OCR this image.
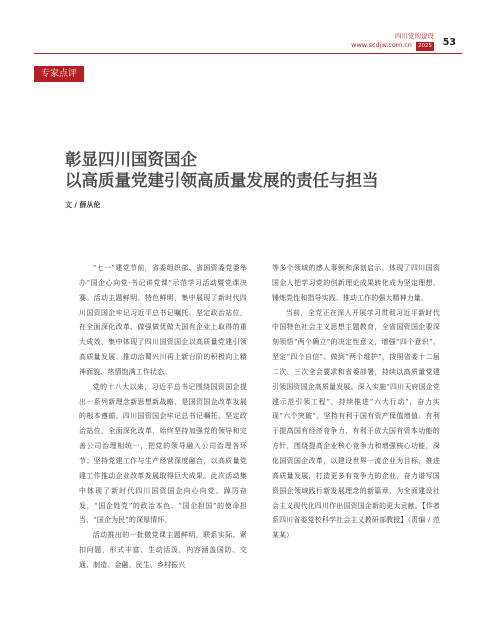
四川党的建设
www.scdjw.com.cn 2025 53
专家点评
彰显四川国资国企
以高质量党建引领高质量发展的责任与担当
文 / 薛从伦

“七一”建党节前，省委组织部、省国资委党委举办“国企心向党·书记讲党课”示范学习活动暨党课决赛。活动主题鲜明、特色鲜明，集中展现了新时代四川国资国企牢记习近平总书记嘱托、坚定政治站位，在全面深化改革、做强做优做大国有企业上取得的重大成效，集中体现了四川国资国企以高质量党建引领高质量发展、推动治蜀兴川再上新台阶的积极向上精神面貌、热情饱满工作状态。

党的十八大以来，习近平总书记围绕国资国企提出一系列新理念新思想新战略，是国资国企改革发展的根本遵循。四川国资国企牢记总书记嘱托，坚定政治站位，全面深化改革，始终坚持加强党的领导和完善公司治理相统一，把党的领导融入公司治理各环节；坚持党建工作与生产经营深度融合，以高质量党建工作推动企业改革发展取得巨大成果。此次活动集中体现了新时代四川国资国企向心向党、踔厉奋发，“国企姓党”的政治本色、“国企担国”的使命担当、“国企为民”的深厚情怀。

活动推出的一批微党课主题鲜明，联系实际、紧扣问题，形式丰富、生动活泼，内容涵盖国防、交通、制造、金融、民生、乡村振兴

等多个领域的感人事例和深刻启示，体现了四川国资国企人把学习党的创新理论成果转化成为坚定理想、锤炼党性和指导实践、推动工作的强大精神力量。

当前，全党正在深入开展学习贯彻习近平新时代中国特色社会主义思想主题教育，全省国资国企要深刻领悟“两个确立”的决定性意义，增强“四个意识”、坚定“四个自信”、做到“两个维护”，按照省委十二届二次、三次全会要求和省委部署，持续以高质量党建引领国资国企高质量发展。深入实施“四川天府国企党建示范引领工程”，持续推进“六大行动”，奋力实现“六个突破”。坚持有利于国有资产保值增值、有利于提高国有经济竞争力、有利于放大国有资本功能的方针，围绕提高企业核心竞争力和增强核心功能，深化国资国企改革，以建设世界一流企业为目标，推进高质量发展，打造更多有竞争力的企业，奋力谱写国资国企领域践行新发展理念的新篇章，为全面建设社会主义现代化四川作出国资国企新的更大贡献。【作者系四川省委党校科学社会主义教研部教授】（责编 / 范某某）
